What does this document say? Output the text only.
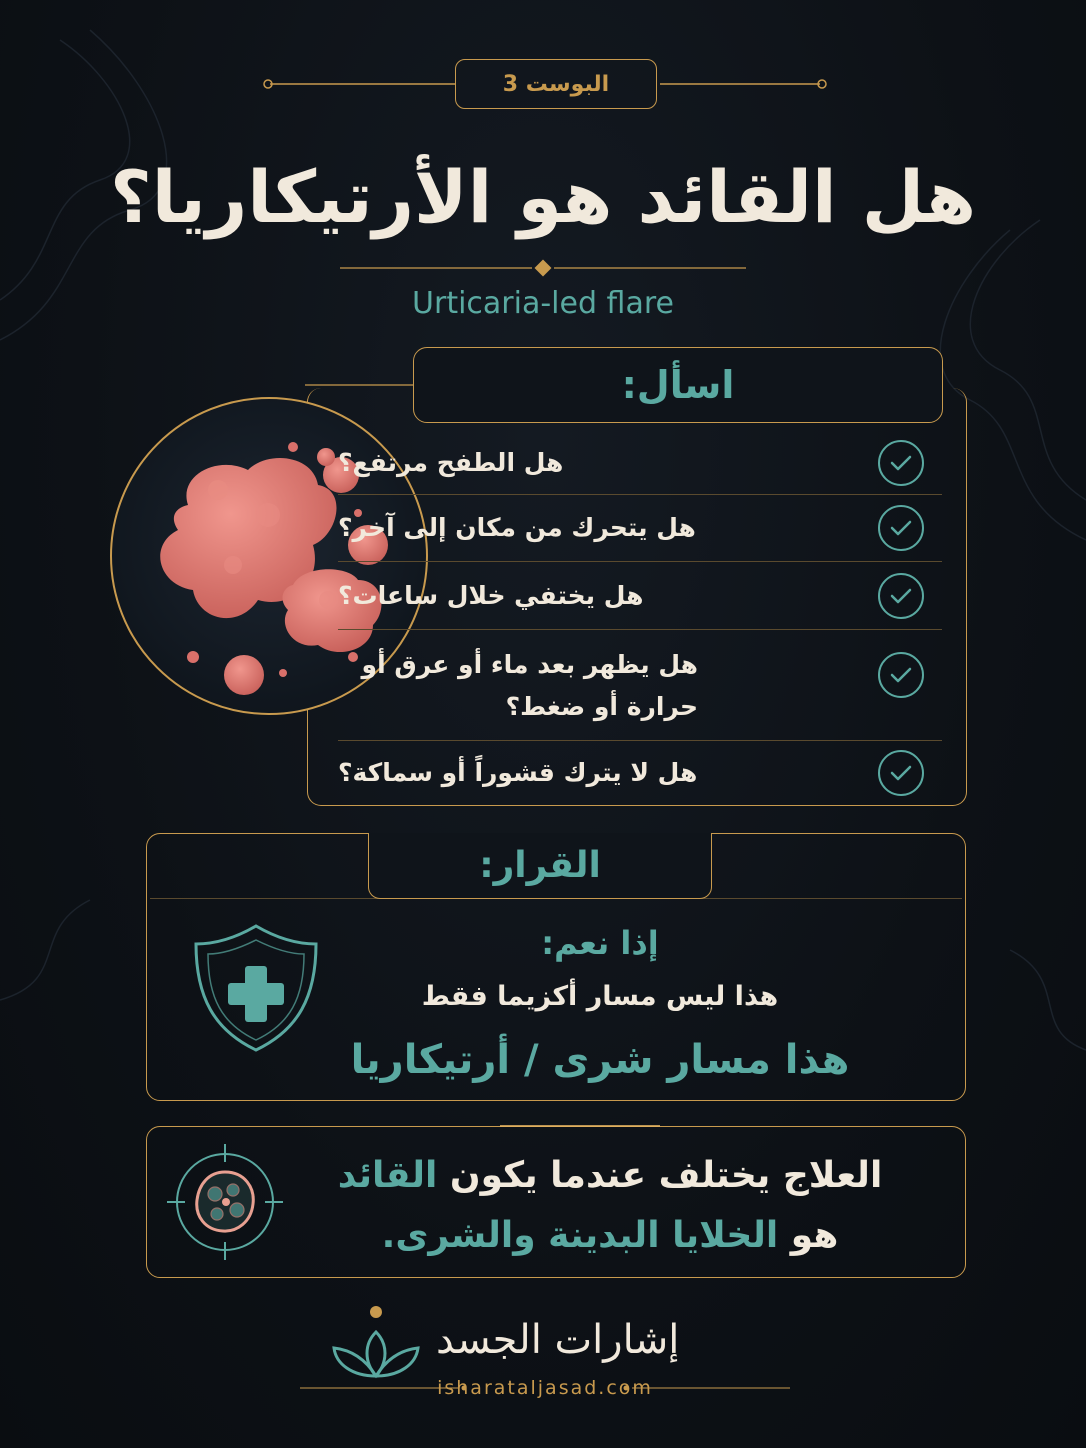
البوست 3
هل القائد هو الأرتيكاريا؟
Urticaria-led flare
اسأل:
هل الطفح مرتفع؟
هل يتحرك من مكان إلى آخر؟
هل يختفي خلال ساعات؟
هل يظهر بعد ماء أو عرق أو حرارة أو ضغط؟
هل لا يترك قشوراً أو سماكة؟
القرار:
إذا نعم:
هذا ليس مسار أكزيما فقط
هذا مسار شرى / أرتيكاريا
العلاج يختلف عندما يكون القائد
هو الخلايا البدينة والشرى.
إشارات الجسد
isharataljasad.com
